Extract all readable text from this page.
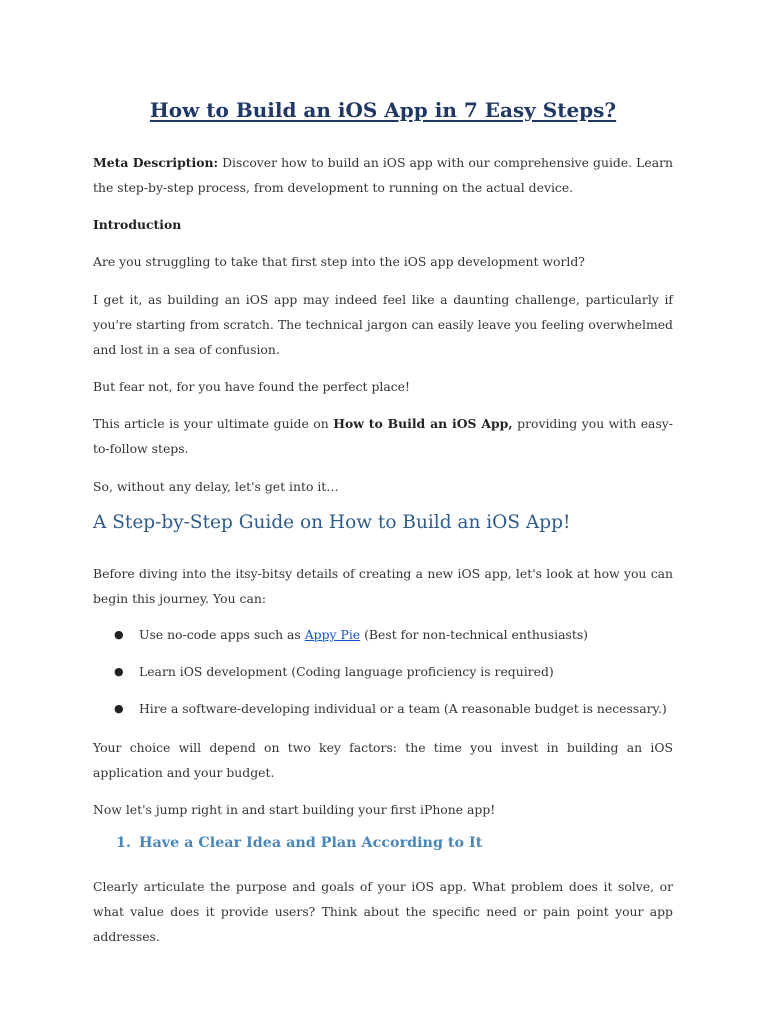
How to Build an iOS App in 7 Easy Steps?

Meta Description: Discover how to build an iOS app with our comprehensive guide. Learn the step-by-step process, from development to running on the actual device.

Introduction

Are you struggling to take that first step into the iOS app development world?

I get it, as building an iOS app may indeed feel like a daunting challenge, particularly if you're starting from scratch. The technical jargon can easily leave you feeling overwhelmed and lost in a sea of confusion.

But fear not, for you have found the perfect place!

This article is your ultimate guide on How to Build an iOS App, providing you with easy-to-follow steps.

So, without any delay, let's get into it…

A Step-by-Step Guide on How to Build an iOS App!

Before diving into the itsy-bitsy details of creating a new iOS app, let's look at how you can begin this journey. You can:

● Use no-code apps such as Appy Pie (Best for non-technical enthusiasts)
● Learn iOS development (Coding language proficiency is required)
● Hire a software-developing individual or a team (A reasonable budget is necessary.)

Your choice will depend on two key factors: the time you invest in building an iOS application and your budget.

Now let's jump right in and start building your first iPhone app!

1. Have a Clear Idea and Plan According to It

Clearly articulate the purpose and goals of your iOS app. What problem does it solve, or what value does it provide users? Think about the specific need or pain point your app addresses.
